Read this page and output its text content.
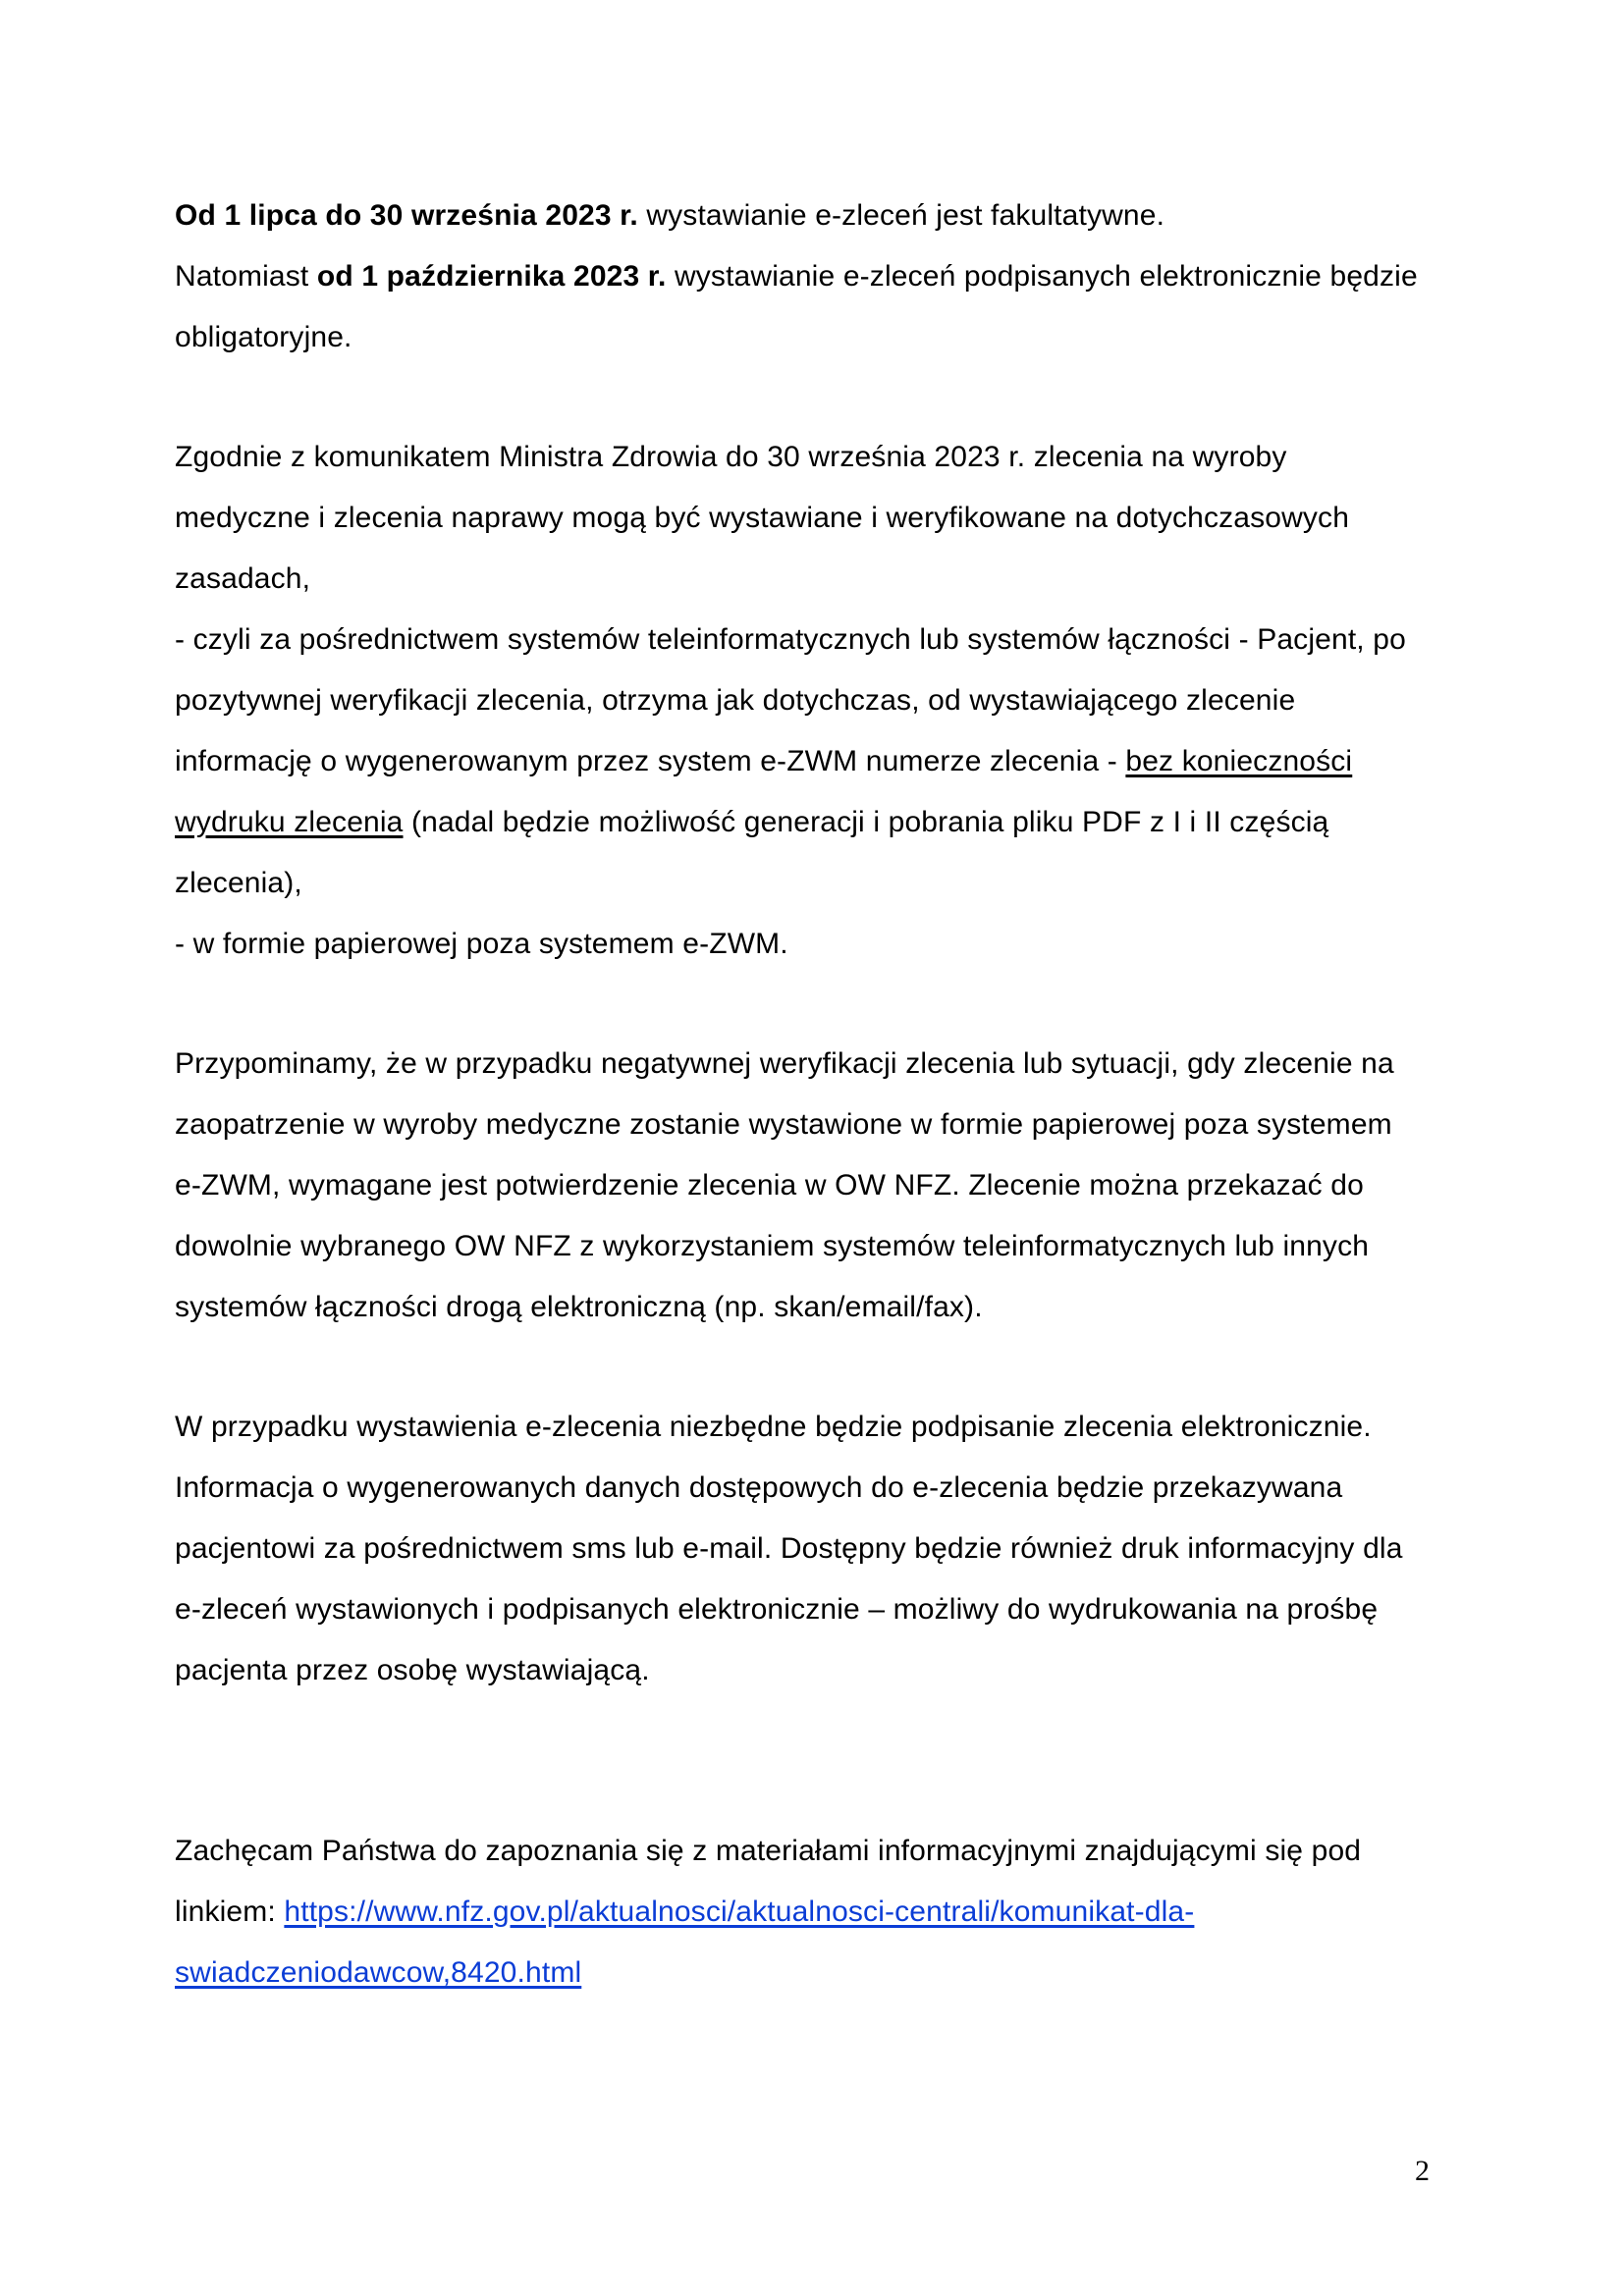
Od 1 lipca do 30 września 2023 r. wystawianie e-zleceń jest fakultatywne.
Natomiast od 1 października 2023 r. wystawianie e-zleceń podpisanych elektronicznie będzie
obligatoryjne.
Zgodnie z komunikatem Ministra Zdrowia do 30 września 2023 r. zlecenia na wyroby
medyczne i zlecenia naprawy mogą być wystawiane i weryfikowane na dotychczasowych
zasadach,
- czyli za pośrednictwem systemów teleinformatycznych lub systemów łączności - Pacjent, po
pozytywnej weryfikacji zlecenia, otrzyma jak dotychczas, od wystawiającego zlecenie
informację o wygenerowanym przez system e-ZWM numerze zlecenia - bez konieczności
wydruku zlecenia (nadal będzie możliwość generacji i pobrania pliku PDF z I i II częścią
zlecenia),
- w formie papierowej poza systemem e-ZWM.
Przypominamy, że w przypadku negatywnej weryfikacji zlecenia lub sytuacji, gdy zlecenie na
zaopatrzenie w wyroby medyczne zostanie wystawione w formie papierowej poza systemem
e-ZWM, wymagane jest potwierdzenie zlecenia w OW NFZ. Zlecenie można przekazać do
dowolnie wybranego OW NFZ z wykorzystaniem systemów teleinformatycznych lub innych
systemów łączności drogą elektroniczną (np. skan/email/fax).
W przypadku wystawienia e-zlecenia niezbędne będzie podpisanie zlecenia elektronicznie.
Informacja o wygenerowanych danych dostępowych do e-zlecenia będzie przekazywana
pacjentowi za pośrednictwem sms lub e-mail. Dostępny będzie również druk informacyjny dla
e-zleceń wystawionych i podpisanych elektronicznie – możliwy do wydrukowania na prośbę
pacjenta przez osobę wystawiającą.
Zachęcam Państwa do zapoznania się z materiałami informacyjnymi znajdującymi się pod
linkiem: https://www.nfz.gov.pl/aktualnosci/aktualnosci-centrali/komunikat-dla-
swiadczeniodawcow,8420.html
2
